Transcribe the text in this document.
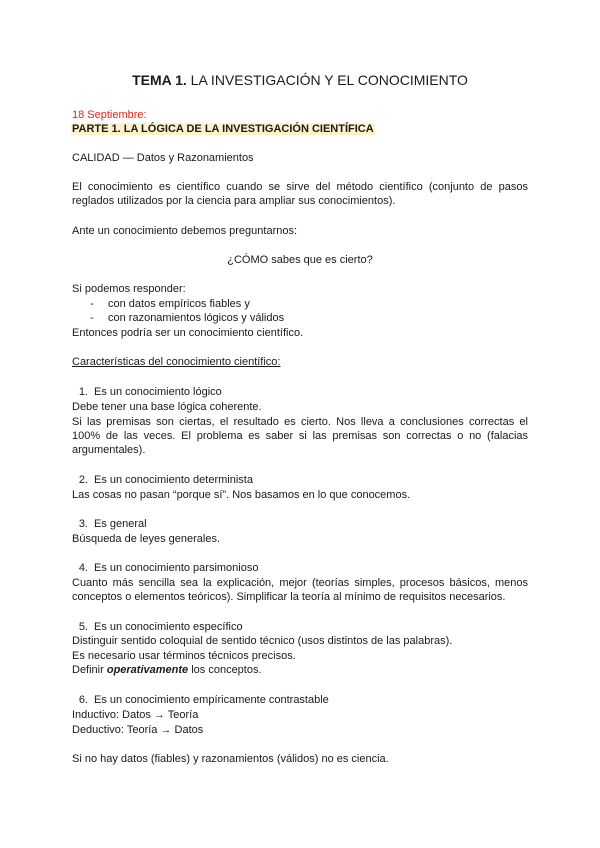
TEMA 1. LA INVESTIGACIÓN Y EL CONOCIMIENTO
18 Septiembre:
PARTE 1. LA LÓGICA DE LA INVESTIGACIÓN CIENTÍFICA
CALIDAD — Datos y Razonamientos
El conocimiento es científico cuando se sirve del método científico (conjunto de pasos reglados utilizados por la ciencia para ampliar sus conocimientos).
Ante un conocimiento debemos preguntarnos:
¿CÓMO sabes que es cierto?
Si podemos responder:
- con datos empíricos fiables y
- con razonamientos lógicos y válidos
Entonces podría ser un conocimiento científico.
Características del conocimiento científico:
1. Es un conocimiento lógico
Debe tener una base lógica coherente.
Si las premisas son ciertas, el resultado es cierto. Nos lleva a conclusiones correctas el 100% de las veces. El problema es saber si las premisas son correctas o no (falacias argumentales).
2. Es un conocimiento determinista
Las cosas no pasan “porque sí”. Nos basamos en lo que conocemos.
3. Es general
Búsqueda de leyes generales.
4. Es un conocimiento parsimonioso
Cuanto más sencilla sea la explicación, mejor (teorías simples, procesos básicos, menos conceptos o elementos teóricos). Simplificar la teoría al mínimo de requisitos necesarios.
5. Es un conocimiento específico
Distinguir sentido coloquial de sentido técnico (usos distintos de las palabras).
Es necesario usar términos técnicos precisos.
Definir operativamente los conceptos.
6. Es un conocimiento empíricamente contrastable
Inductivo: Datos → Teoría
Deductivo: Teoría → Datos
Si no hay datos (fiables) y razonamientos (válidos) no es ciencia.
